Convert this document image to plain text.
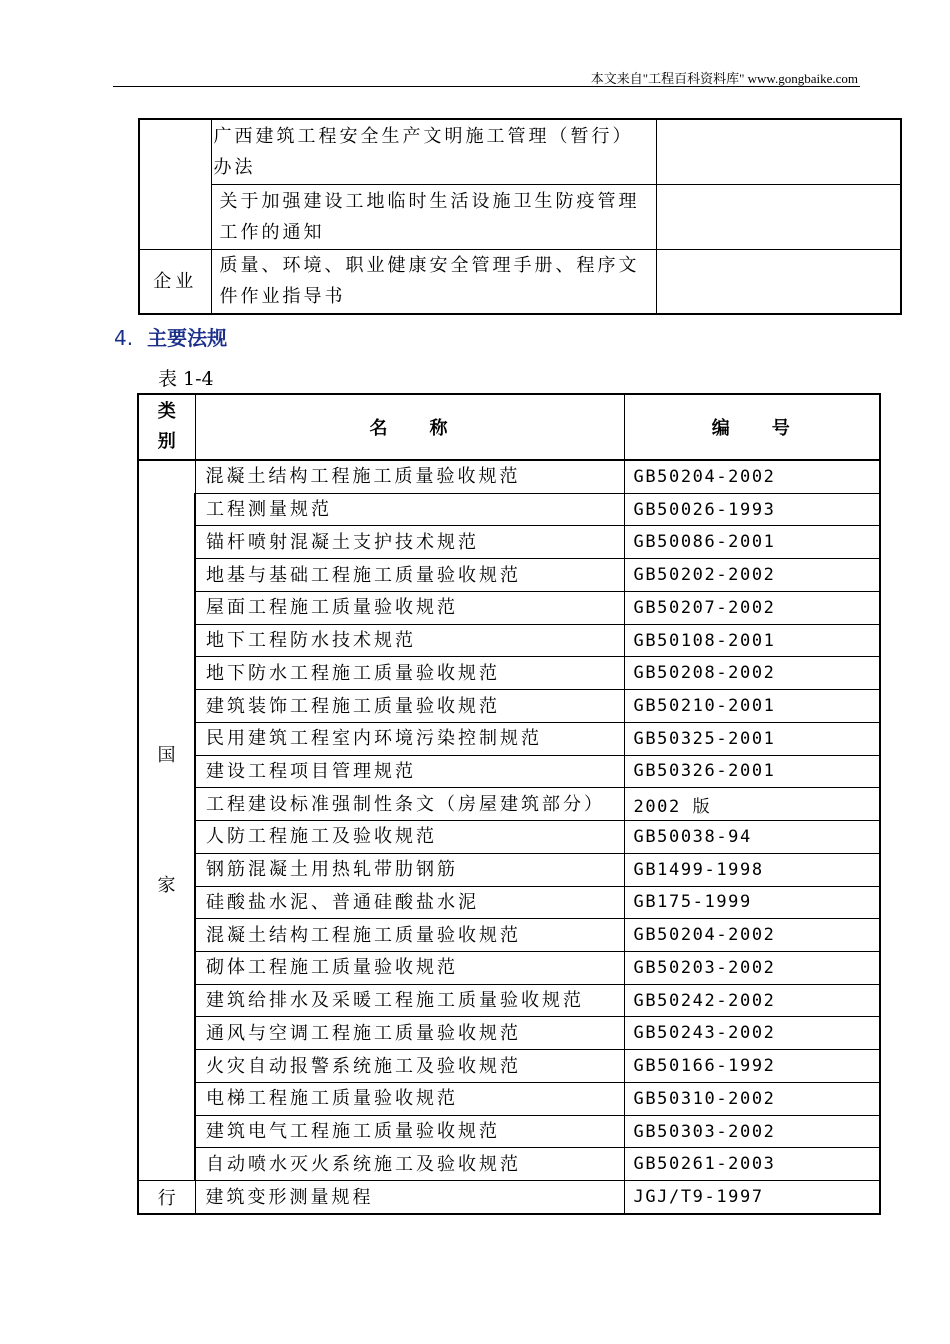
本文来自"工程百科资料库" www.gongbaike.com
	广西建筑工程安全生产文明施工管理（暂行）办法	
	关于加强建设工地临时生活设施卫生防疫管理工作的通知	
企业	质量、环境、职业健康安全管理手册、程序文件作业指导书	
4. 主要法规
表 1-4
类别	名　　称	编　　号

国
家	混凝土结构工程施工质量验收规范	GB50204-2002
	工程测量规范	GB50026-1993
	锚杆喷射混凝土支护技术规范	GB50086-2001
	地基与基础工程施工质量验收规范	GB50202-2002
	屋面工程施工质量验收规范	GB50207-2002
	地下工程防水技术规范	GB50108-2001
	地下防水工程施工质量验收规范	GB50208-2002
	建筑装饰工程施工质量验收规范	GB50210-2001
	民用建筑工程室内环境污染控制规范	GB50325-2001
	建设工程项目管理规范	GB50326-2001
	工程建设标准强制性条文（房屋建筑部分）	2002 版
	人防工程施工及验收规范	GB50038-94
	钢筋混凝土用热轧带肋钢筋	GB1499-1998
	硅酸盐水泥、普通硅酸盐水泥	GB175-1999
	混凝土结构工程施工质量验收规范	GB50204-2002
	砌体工程施工质量验收规范	GB50203-2002
	建筑给排水及采暖工程施工质量验收规范	GB50242-2002
	通风与空调工程施工质量验收规范	GB50243-2002
	火灾自动报警系统施工及验收规范	GB50166-1992
	电梯工程施工质量验收规范	GB50310-2002
	建筑电气工程施工质量验收规范	GB50303-2002
	自动喷水灭火系统施工及验收规范	GB50261-2003
行	建筑变形测量规程	JGJ/T9-1997
